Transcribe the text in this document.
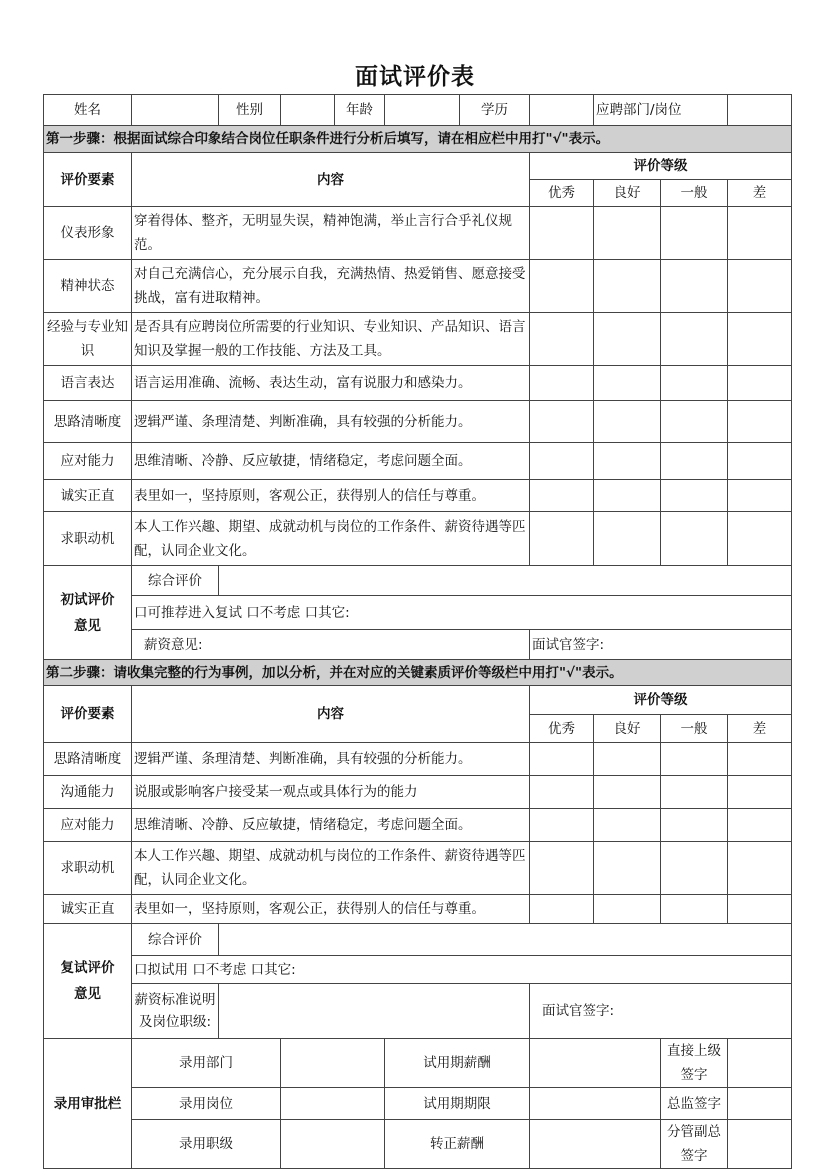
面试评价表
姓名		性别		年龄		学历		应聘部门/岗位		
第一步骤：根据面试综合印象结合岗位任职条件进行分析后填写，请在相应栏中用打"√"表示。										
评价要素	内容						评价等级			
							优秀	良好	一般	差
仪表形象	穿着得体、整齐，无明显失误，精神饱满，举止言行合乎礼仪规范。									
精神状态	对自己充满信心，充分展示自我，充满热情、热爱销售、愿意接受挑战，富有进取精神。									
经验与专业知识	是否具有应聘岗位所需要的行业知识、专业知识、产品知识、语言知识及掌握一般的工作技能、方法及工具。									
语言表达	语言运用准确、流畅、表达生动，富有说服力和感染力。									
思路清晰度	逻辑严谨、条理清楚、判断准确，具有较强的分析能力。									
应对能力	思维清晰、冷静、反应敏捷，情绪稳定，考虑问题全面。									
诚实正直	表里如一，坚持原则，客观公正，获得别人的信任与尊重。									
求职动机	本人工作兴趣、期望、成就动机与岗位的工作条件、薪资待遇等匹配，认同企业文化。									
初试评价意见	综合评价									
	口可推荐进入复试 口不考虑 口其它:									
	薪资意见:						面试官签字:			
第二步骤：请收集完整的行为事例，加以分析，并在对应的关键素质评价等级栏中用打"√"表示。										
评价要素	内容						评价等级			
							优秀	良好	一般	差
思路清晰度	逻辑严谨、条理清楚、判断准确，具有较强的分析能力。									
沟通能力	说服或影响客户接受某一观点或具体行为的能力									
应对能力	思维清晰、冷静、反应敏捷，情绪稳定，考虑问题全面。									
求职动机	本人工作兴趣、期望、成就动机与岗位的工作条件、薪资待遇等匹配，认同企业文化。									
诚实正直	表里如一，坚持原则，客观公正，获得别人的信任与尊重。									
复试评价意见	综合评价									
	口拟试用 口不考虑 口其它:									
	薪资标准说明及岗位职级:						面试官签字:			
录用审批栏	录用部门				试用期薪酬				直接上级签字	
	录用岗位				试用期期限				总监签字	
	录用职级				转正薪酬				分管副总签字	
